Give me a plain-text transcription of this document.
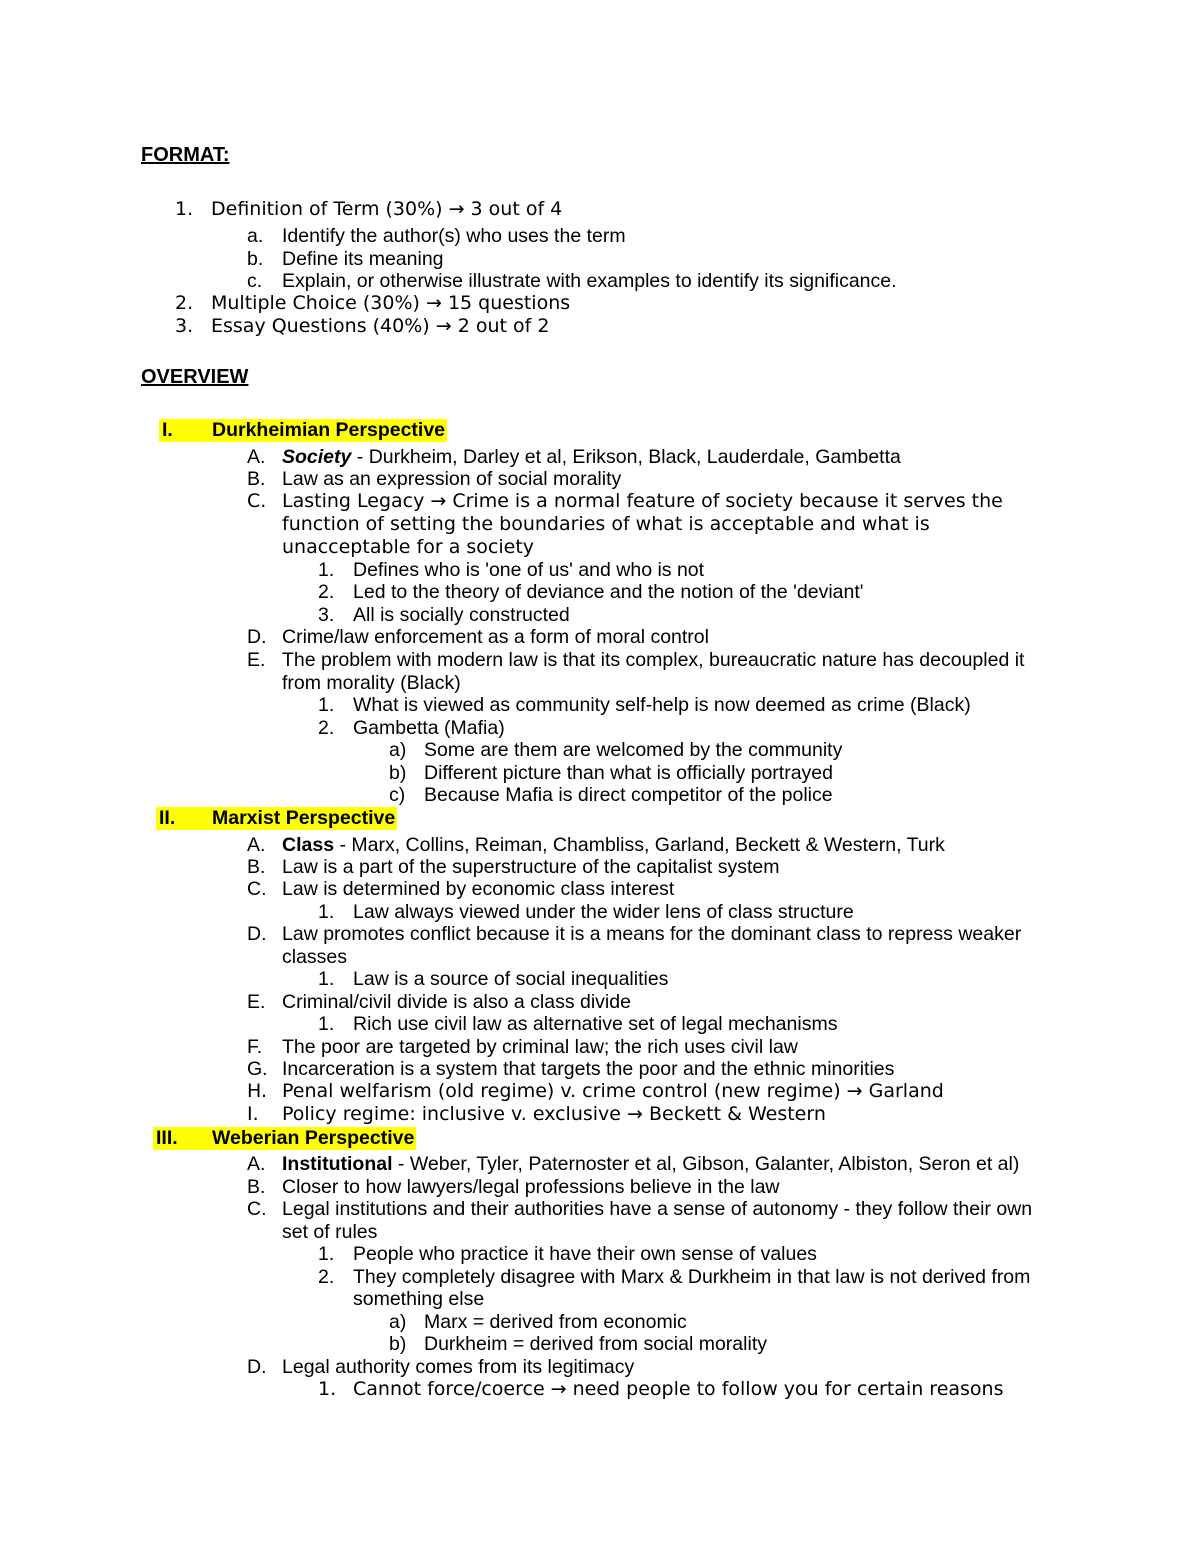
FORMAT:
1. Definition of Term (30%) → 3 out of 4
a. Identify the author(s) who uses the term
b. Define its meaning
c. Explain, or otherwise illustrate with examples to identify its significance.
2. Multiple Choice (30%) → 15 questions
3. Essay Questions (40%) → 2 out of 2
OVERVIEW
I.	Durkheimian Perspective
A. Society - Durkheim, Darley et al, Erikson, Black, Lauderdale, Gambetta
B. Law as an expression of social morality
C. Lasting Legacy → Crime is a normal feature of society because it serves the
function of setting the boundaries of what is acceptable and what is
unacceptable for a society
1. Defines who is 'one of us' and who is not
2. Led to the theory of deviance and the notion of the 'deviant'
3. All is socially constructed
D. Crime/law enforcement as a form of moral control
E. The problem with modern law is that its complex, bureaucratic nature has decoupled it
from morality (Black)
1. What is viewed as community self-help is now deemed as crime (Black)
2. Gambetta (Mafia)
a) Some are them are welcomed by the community
b) Different picture than what is officially portrayed
c) Because Mafia is direct competitor of the police
II.	Marxist Perspective
A. Class - Marx, Collins, Reiman, Chambliss, Garland, Beckett & Western, Turk
B. Law is a part of the superstructure of the capitalist system
C. Law is determined by economic class interest
1. Law always viewed under the wider lens of class structure
D. Law promotes conflict because it is a means for the dominant class to repress weaker
classes
1. Law is a source of social inequalities
E. Criminal/civil divide is also a class divide
1. Rich use civil law as alternative set of legal mechanisms
F. The poor are targeted by criminal law; the rich uses civil law
G. Incarceration is a system that targets the poor and the ethnic minorities
H. Penal welfarism (old regime) v. crime control (new regime) → Garland
I. Policy regime: inclusive v. exclusive → Beckett & Western
III.	Weberian Perspective
A. Institutional - Weber, Tyler, Paternoster et al, Gibson, Galanter, Albiston, Seron et al)
B. Closer to how lawyers/legal professions believe in the law
C. Legal institutions and their authorities have a sense of autonomy - they follow their own
set of rules
1. People who practice it have their own sense of values
2. They completely disagree with Marx & Durkheim in that law is not derived from
something else
a) Marx = derived from economic
b) Durkheim = derived from social morality
D. Legal authority comes from its legitimacy
1. Cannot force/coerce → need people to follow you for certain reasons
